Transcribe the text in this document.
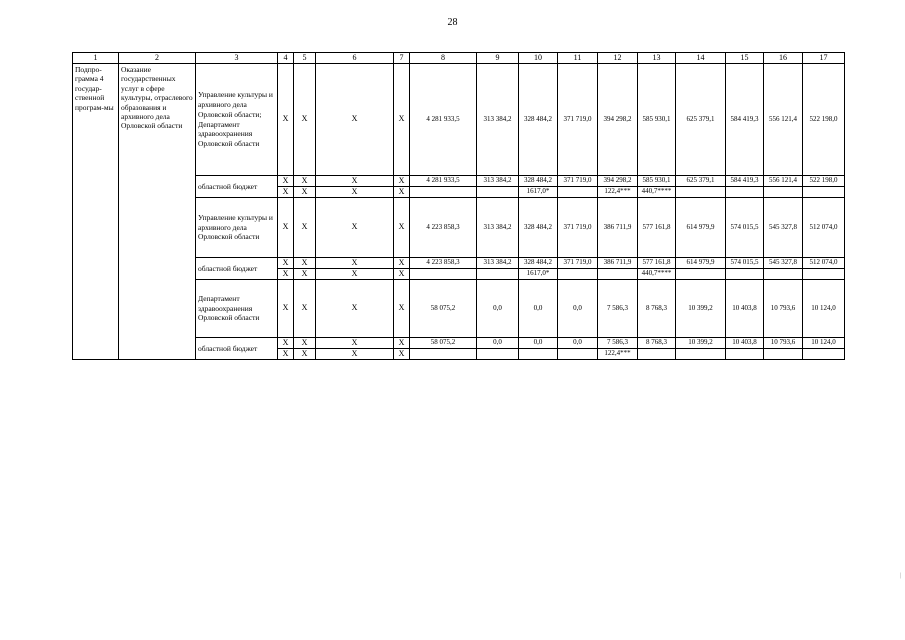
28
1	2	3	4	5	6	7	8	9	10	11	12	13	14	15	16	17
Подпро-грамма 4 государ-ственной програм-мы	Оказание государственных услуг в сфере культуры, отраслевого образования и архивного дела Орловской области	Управление культуры и архивного дела Орловской области; Департамент здравоохранения Орловской области	X	X	X	X	4 281 933,5	313 384,2	328 484,2	371 719,0	394 298,2	585 930,1	625 379,1	584 419,3	556 121,4	522 198,0
		областной бюджет	X	X	X	X	4 281 933,5	313 384,2	328 484,2	371 719,0	394 298,2	585 930,1	625 379,1	584 419,3	556 121,4	522 198,0
			X	X	X	X			1617,0*		122,4***	440,7****				
		Управление культуры и архивного дела Орловской области	X	X	X	X	4 223 858,3	313 384,2	328 484,2	371 719,0	386 711,9	577 161,8	614 979,9	574 015,5	545 327,8	512 074,0
		областной бюджет	X	X	X	X	4 223 858,3	313 384,2	328 484,2	371 719,0	386 711,9	577 161,8	614 979,9	574 015,5	545 327,8	512 074,0
			X	X	X	X			1617,0*			440,7****				
		Департамент здравоохранения Орловской области	X	X	X	X	58 075,2	0,0	0,0	0,0	7 586,3	8 768,3	10 399,2	10 403,8	10 793,6	10 124,0
		областной бюджет	X	X	X	X	58 075,2	0,0	0,0	0,0	7 586,3	8 768,3	10 399,2	10 403,8	10 793,6	10 124,0
			X	X	X	X					122,4***					
|
